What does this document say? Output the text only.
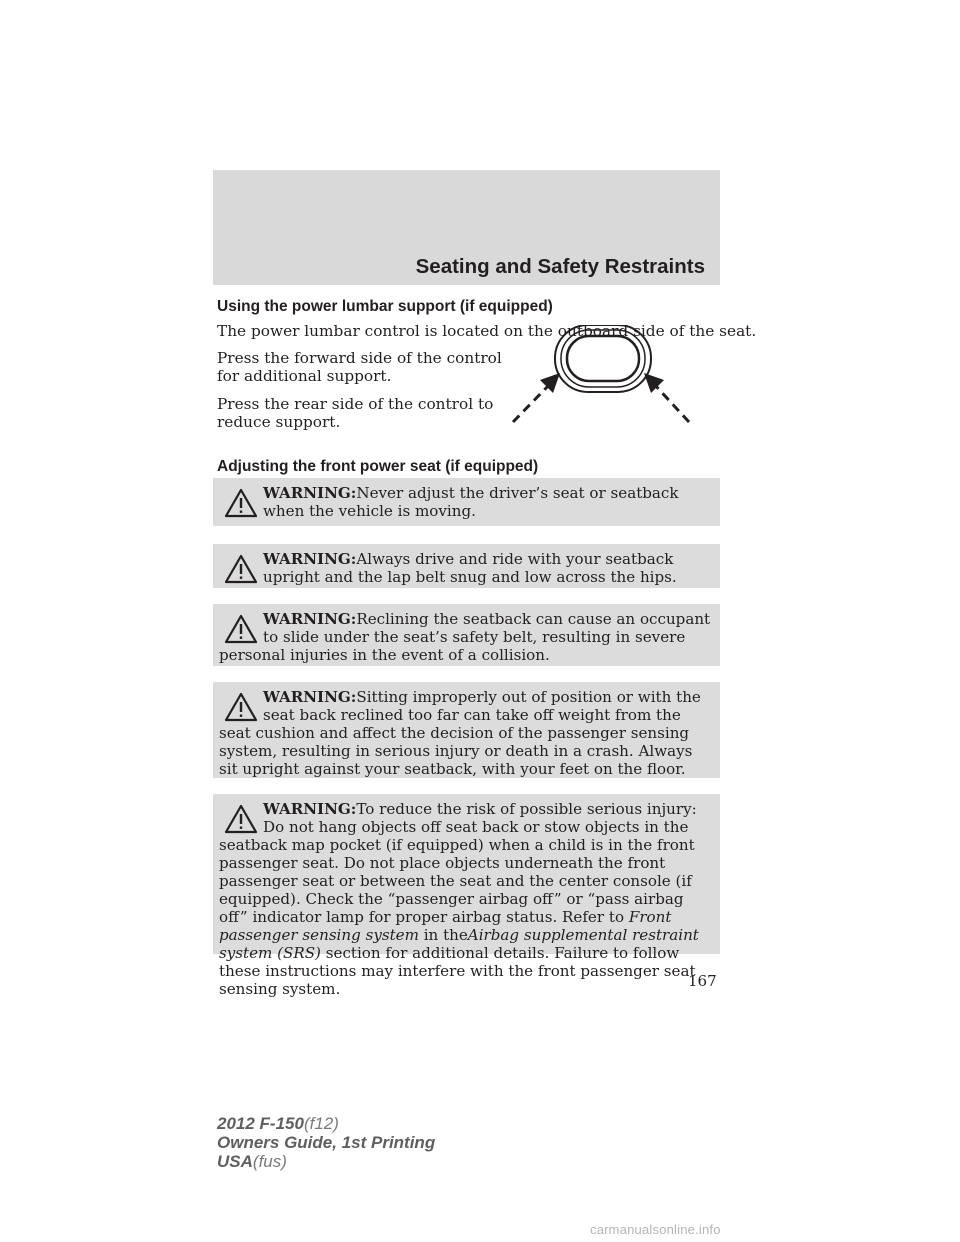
Seating and Safety Restraints
Using the power lumbar support (if equipped)
The power lumbar control is located on the outboard side of the seat.
Press the forward side of the control
for additional support.
Press the rear side of the control to
reduce support.
Adjusting the front power seat (if equipped)
WARNING:Never adjust the driver’s seat or seatback when the vehicle is moving.
WARNING:Always drive and ride with your seatback upright and the lap belt snug and low across the hips.
WARNING:Reclining the seatback can cause an occupant to slide under the seat’s safety belt, resulting in severe personal injuries in the event of a collision.
WARNING:Sitting improperly out of position or with the seat back reclined too far can take off weight from the seat cushion and affect the decision of the passenger sensing system, resulting in serious injury or death in a crash. Always sit upright against your seatback, with your feet on the floor.
WARNING:To reduce the risk of possible serious injury: Do not hang objects off seat back or stow objects in the seatback map pocket (if equipped) when a child is in the front passenger seat. Do not place objects underneath the front passenger seat or between the seat and the center console (if equipped). Check the “passenger airbag off” or “pass airbag off” indicator lamp for proper airbag status. Refer to Front passenger sensing system in theAirbag supplemental restraint system (SRS) section for additional details. Failure to follow these instructions may interfere with the front passenger seat sensing system.	167
2012 F-150(f12)
Owners Guide, 1st Printing
USA(fus)
carmanualsonline.info
